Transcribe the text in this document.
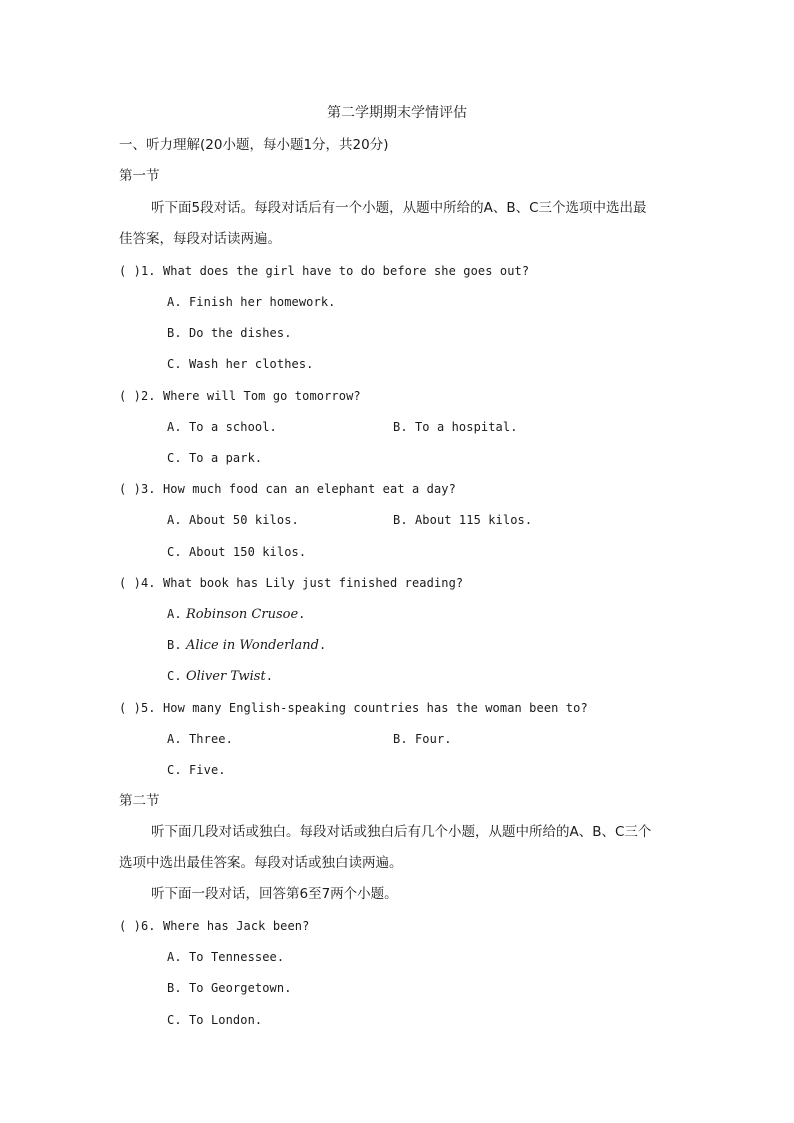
第二学期期末学情评估
一、听力理解(20小题，每小题1分，共20分)
第一节
听下面5段对话。每段对话后有一个小题，从题中所给的A、B、C三个选项中选出最
佳答案，每段对话读两遍。
( )1. What does the girl have to do before she goes out?
A. Finish her homework.
B. Do the dishes.
C. Wash her clothes.
( )2. Where will Tom go tomorrow?
A. To a school.	B. To a hospital.
C. To a park.
( )3. How much food can an elephant eat a day?
A. About 50 kilos.	B. About 115 kilos.
C. About 150 kilos.
( )4. What book has Lily just finished reading?
A. Robinson Crusoe.
B. Alice in Wonderland.
C. Oliver Twist.
( )5. How many English-speaking countries has the woman been to?
A. Three.	B. Four.
C. Five.
第二节
听下面几段对话或独白。每段对话或独白后有几个小题，从题中所给的A、B、C三个
选项中选出最佳答案。每段对话或独白读两遍。
听下面一段对话，回答第6至7两个小题。
( )6. Where has Jack been?
A. To Tennessee.
B. To Georgetown.
C. To London.
